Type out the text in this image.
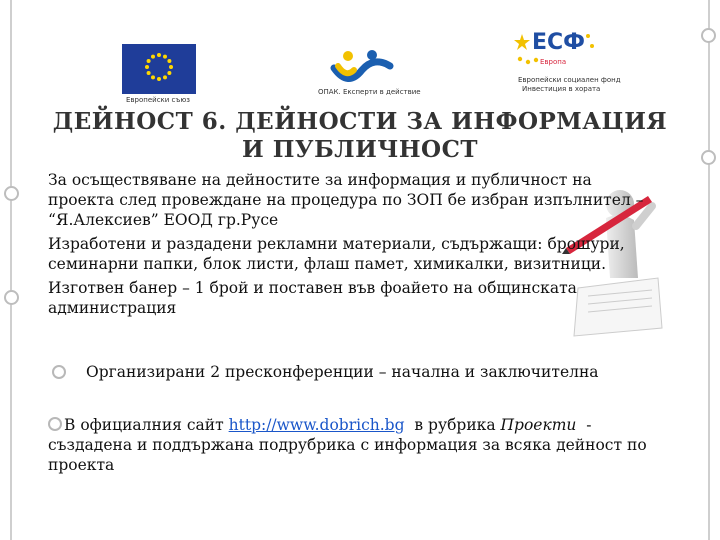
Европейски съюз
ОПАК. Експерти в действие
ЕСФ
Европа
Европейски социален фонд
Инвестиция в хората
ДЕЙНОСТ 6. ДЕЙНОСТИ ЗА ИНФОРМАЦИЯ
И ПУБЛИЧНОСТ

За осъществяване на дейностите за информация и публичност на проекта след провеждане на процедура по ЗОП бе избран изпълнител – “Я.Алексиев” ЕООД гр.Русе

Изработени и раздадени рекламни материали, съдържащи: брошури, семинарни папки, блок листи, флаш памет, химикалки, визитници.

Изготвен банер – 1 брой и поставен във фоайето на общинската администрация

Организирани 2 пресконференции – начална и заключителна
В официалния сайт http://www.dobrich.bg  в рубрика Проекти  - създадена и поддържана подрубрика с информация за всяка дейност по проекта
